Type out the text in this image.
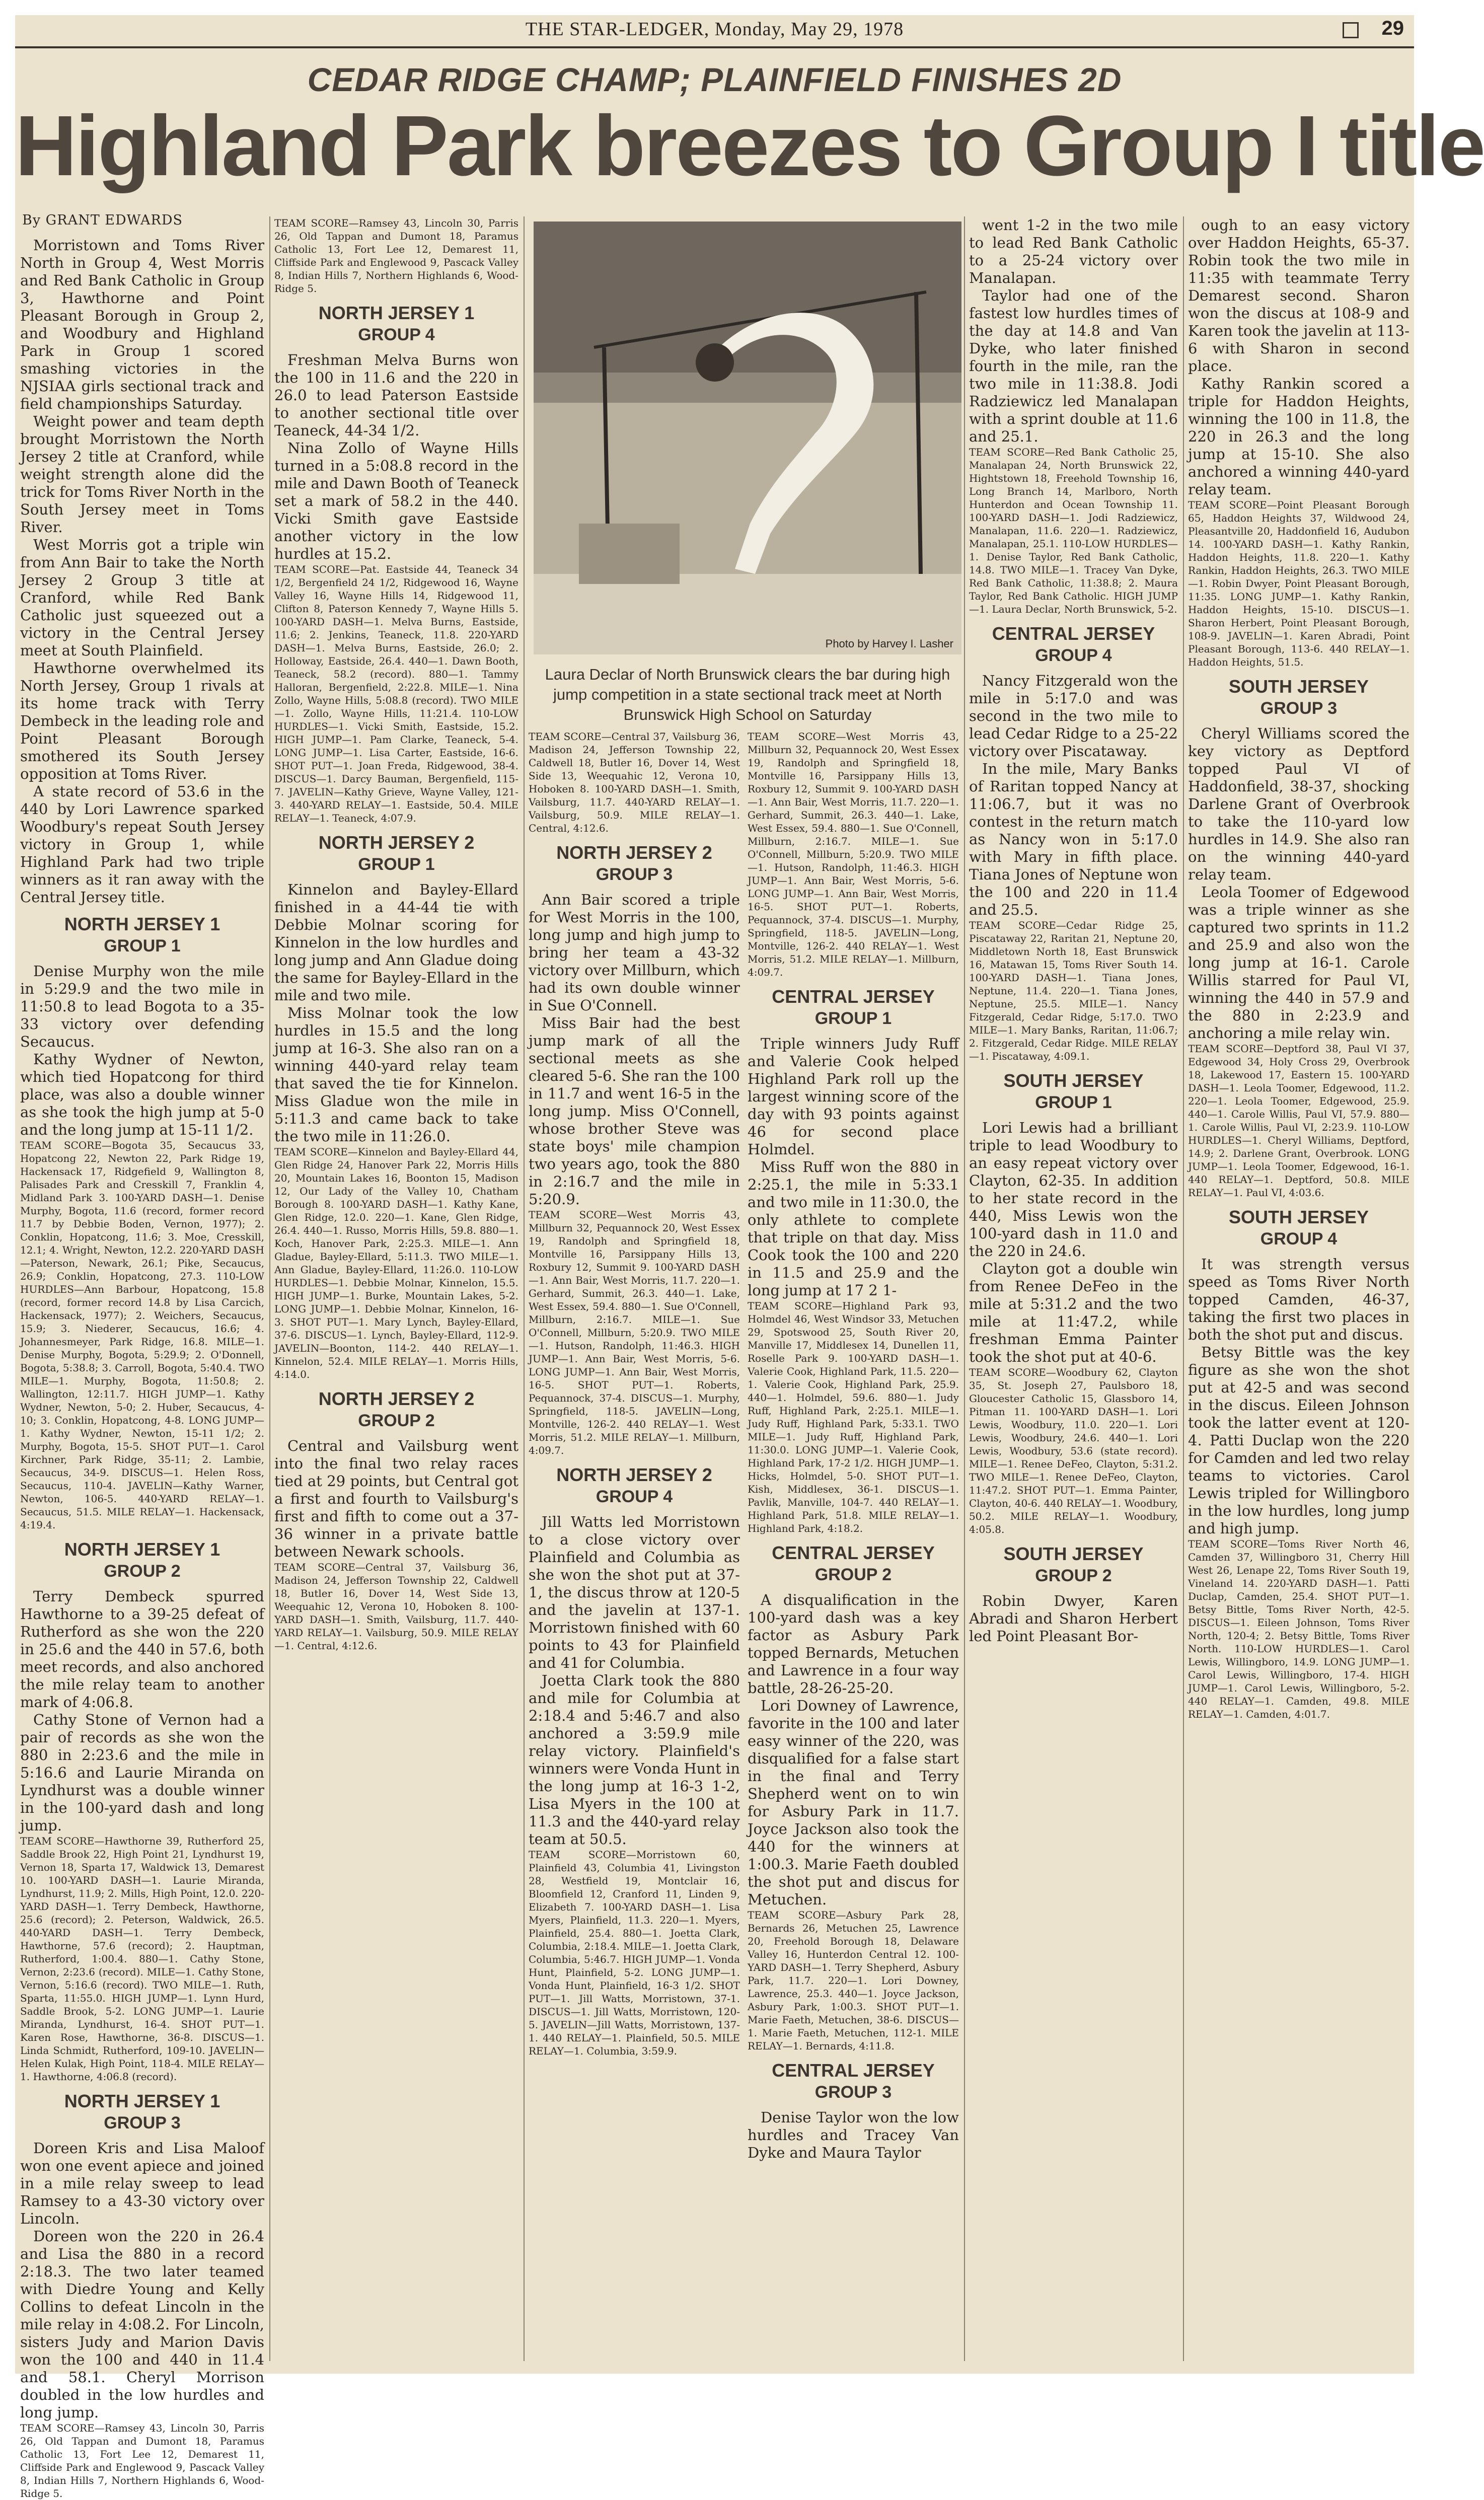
THE STAR-LEDGER, Monday, May 29, 1978	29
CEDAR RIDGE CHAMP; PLAINFIELD FINISHES 2D
Highland Park breezes to Group I title
By GRANT EDWARDS

Morristown and Toms River North in Group 4, West Morris and Red Bank Catholic in Group 3, Hawthorne and Point Pleasant Borough in Group 2, and Woodbury and Highland Park in Group 1 scored smashing victories in the NJSIAA girls sectional track and field championships Saturday.

Weight power and team depth brought Morristown the North Jersey 2 title at Cranford, while weight strength alone did the trick for Toms River North in the South Jersey meet in Toms River.

West Morris got a triple win from Ann Bair to take the North Jersey 2 Group 3 title at Cranford, while Red Bank Catholic just squeezed out a victory in the Central Jersey meet at South Plainfield.

Hawthorne overwhelmed its North Jersey, Group 1 rivals at its home track with Terry Dembeck in the leading role and Point Pleasant Borough smothered its South Jersey opposition at Toms River.

A state record of 53.6 in the 440 by Lori Lawrence sparked Woodbury's repeat South Jersey victory in Group 1, while Highland Park had two triple winners as it ran away with the Central Jersey title.

NORTH JERSEY 1
GROUP 1

Denise Murphy won the mile in 5:29.9 and the two mile in 11:50.8 to lead Bogota to a 35-33 victory over defending Secaucus.

Kathy Wydner of Newton, which tied Hopatcong for third place, was also a double winner as she took the high jump at 5-0 and the long jump at 15-11 1/2.

TEAM SCORE—Bogota 35, Secaucus 33, Hopatcong 22, Newton 22, Park Ridge 19, Hackensack 17, Ridgefield 9, Wallington 8, Palisades Park and Cresskill 7, Franklin 4, Midland Park 3. 100-YARD DASH—1. Denise Murphy, Bogota, 11.6 (record, former record 11.7 by Debbie Boden, Vernon, 1977); 2. Conklin, Hopatcong, 11.6; 3. Moe, Cresskill, 12.1; 4. Wright, Newton, 12.2. 220-YARD DASH—Paterson, Newark, 26.1; Pike, Secaucus, 26.9; Conklin, Hopatcong, 27.3. 110-LOW HURDLES—Ann Barbour, Hopatcong, 15.8 (record, former record 14.8 by Lisa Carcich, Hackensack, 1977); 2. Weichers, Secaucus, 15.9; 3. Niederer, Secaucus, 16.6; 4. Johannesmeyer, Park Ridge, 16.8. MILE—1. Denise Murphy, Bogota, 5:29.9; 2. O'Donnell, Bogota, 5:38.8; 3. Carroll, Bogota, 5:40.4. TWO MILE—1. Murphy, Bogota, 11:50.8; 2. Wallington, 12:11.7. HIGH JUMP—1. Kathy Wydner, Newton, 5-0; 2. Huber, Secaucus, 4-10; 3. Conklin, Hopatcong, 4-8. LONG JUMP—1. Kathy Wydner, Newton, 15-11 1/2; 2. Murphy, Bogota, 15-5. SHOT PUT—1. Carol Kirchner, Park Ridge, 35-11; 2. Lambie, Secaucus, 34-9. DISCUS—1. Helen Ross, Secaucus, 110-4. JAVELIN—Kathy Warner, Newton, 106-5. 440-YARD RELAY—1. Secaucus, 51.5. MILE RELAY—1. Hackensack, 4:19.4.

NORTH JERSEY 1
GROUP 2

Terry Dembeck spurred Hawthorne to a 39-25 defeat of Rutherford as she won the 220 in 25.6 and the 440 in 57.6, both meet records, and also anchored the mile relay team to another mark of 4:06.8.

Cathy Stone of Vernon had a pair of records as she won the 880 in 2:23.6 and the mile in 5:16.6 and Laurie Miranda on Lyndhurst was a double winner in the 100-yard dash and long jump.

TEAM SCORE—Hawthorne 39, Rutherford 25, Saddle Brook 22, High Point 21, Lyndhurst 19, Vernon 18, Sparta 17, Waldwick 13, Demarest 10. 100-YARD DASH—1. Laurie Miranda, Lyndhurst, 11.9; 2. Mills, High Point, 12.0. 220-YARD DASH—1. Terry Dembeck, Hawthorne, 25.6 (record); 2. Peterson, Waldwick, 26.5. 440-YARD DASH—1. Terry Dembeck, Hawthorne, 57.6 (record); 2. Hauptman, Rutherford, 1:00.4. 880—1. Cathy Stone, Vernon, 2:23.6 (record). MILE—1. Cathy Stone, Vernon, 5:16.6 (record). TWO MILE—1. Ruth, Sparta, 11:55.0. HIGH JUMP—1. Lynn Hurd, Saddle Brook, 5-2. LONG JUMP—1. Laurie Miranda, Lyndhurst, 16-4. SHOT PUT—1. Karen Rose, Hawthorne, 36-8. DISCUS—1. Linda Schmidt, Rutherford, 109-10. JAVELIN—Helen Kulak, High Point, 118-4. MILE RELAY—1. Hawthorne, 4:06.8 (record).

NORTH JERSEY 1
GROUP 3

Doreen Kris and Lisa Maloof won one event apiece and joined in a mile relay sweep to lead Ramsey to a 43-30 victory over Lincoln.

Doreen won the 220 in 26.4 and Lisa the 880 in a record 2:18.3. The two later teamed with Diedre Young and Kelly Collins to defeat Lincoln in the mile relay in 4:08.2. For Lincoln, sisters Judy and Marion Davis won the 100 and 440 in 11.4 and 58.1. Cheryl Morrison doubled in the low hurdles and long jump.

TEAM SCORE—Ramsey 43, Lincoln 30, Parris 26, Old Tappan and Dumont 18, Paramus Catholic 13, Fort Lee 12, Demarest 11, Cliffside Park and Englewood 9, Pascack Valley 8, Indian Hills 7, Northern Highlands 6, Wood-Ridge 5.

TEAM SCORE—Ramsey 43, Lincoln 30, Parris 26, Old Tappan and Dumont 18, Paramus Catholic 13, Fort Lee 12, Demarest 11, Cliffside Park and Englewood 9, Pascack Valley 8, Indian Hills 7, Northern Highlands 6, Wood-Ridge 5.

NORTH JERSEY 1
GROUP 4

Freshman Melva Burns won the 100 in 11.6 and the 220 in 26.0 to lead Paterson Eastside to another sectional title over Teaneck, 44-34 1/2.

Nina Zollo of Wayne Hills turned in a 5:08.8 record in the mile and Dawn Booth of Teaneck set a mark of 58.2 in the 440. Vicki Smith gave Eastside another victory in the low hurdles at 15.2.

TEAM SCORE—Pat. Eastside 44, Teaneck 34 1/2, Bergenfield 24 1/2, Ridgewood 16, Wayne Valley 16, Wayne Hills 14, Ridgewood 11, Clifton 8, Paterson Kennedy 7, Wayne Hills 5. 100-YARD DASH—1. Melva Burns, Eastside, 11.6; 2. Jenkins, Teaneck, 11.8. 220-YARD DASH—1. Melva Burns, Eastside, 26.0; 2. Holloway, Eastside, 26.4. 440—1. Dawn Booth, Teaneck, 58.2 (record). 880—1. Tammy Halloran, Bergenfield, 2:22.8. MILE—1. Nina Zollo, Wayne Hills, 5:08.8 (record). TWO MILE—1. Zollo, Wayne Hills, 11:21.4. 110-LOW HURDLES—1. Vicki Smith, Eastside, 15.2. HIGH JUMP—1. Pam Clarke, Teaneck, 5-4. LONG JUMP—1. Lisa Carter, Eastside, 16-6. SHOT PUT—1. Joan Freda, Ridgewood, 38-4. DISCUS—1. Darcy Bauman, Bergenfield, 115-7. JAVELIN—Kathy Grieve, Wayne Valley, 121-3. 440-YARD RELAY—1. Eastside, 50.4. MILE RELAY—1. Teaneck, 4:07.9.

NORTH JERSEY 2
GROUP 1

Kinnelon and Bayley-Ellard finished in a 44-44 tie with Debbie Molnar scoring for Kinnelon in the low hurdles and long jump and Ann Gladue doing the same for Bayley-Ellard in the mile and two mile.

Miss Molnar took the low hurdles in 15.5 and the long jump at 16-3. She also ran on a winning 440-yard relay team that saved the tie for Kinnelon. Miss Gladue won the mile in 5:11.3 and came back to take the two mile in 11:26.0.

TEAM SCORE—Kinnelon and Bayley-Ellard 44, Glen Ridge 24, Hanover Park 22, Morris Hills 20, Mountain Lakes 16, Boonton 15, Madison 12, Our Lady of the Valley 10, Chatham Borough 8. 100-YARD DASH—1. Kathy Kane, Glen Ridge, 12.0. 220—1. Kane, Glen Ridge, 26.4. 440—1. Russo, Morris Hills, 59.8. 880—1. Koch, Hanover Park, 2:25.3. MILE—1. Ann Gladue, Bayley-Ellard, 5:11.3. TWO MILE—1. Ann Gladue, Bayley-Ellard, 11:26.0. 110-LOW HURDLES—1. Debbie Molnar, Kinnelon, 15.5. HIGH JUMP—1. Burke, Mountain Lakes, 5-2. LONG JUMP—1. Debbie Molnar, Kinnelon, 16-3. SHOT PUT—1. Mary Lynch, Bayley-Ellard, 37-6. DISCUS—1. Lynch, Bayley-Ellard, 112-9. JAVELIN—Boonton, 114-2. 440 RELAY—1. Kinnelon, 52.4. MILE RELAY—1. Morris Hills, 4:14.0.

NORTH JERSEY 2
GROUP 2

Central and Vailsburg went into the final two relay races tied at 29 points, but Central got a first and fourth to Vailsburg's first and fifth to come out a 37-36 winner in a private battle between Newark schools.

TEAM SCORE—Central 37, Vailsburg 36, Madison 24, Jefferson Township 22, Caldwell 18, Butler 16, Dover 14, West Side 13, Weequahic 12, Verona 10, Hoboken 8. 100-YARD DASH—1. Smith, Vailsburg, 11.7. 440-YARD RELAY—1. Vailsburg, 50.9. MILE RELAY—1. Central, 4:12.6.

Photo by Harvey I. Lasher
Laura Declar of North Brunswick clears the bar during high jump competition in a state sectional track meet at North Brunswick High School on Saturday

TEAM SCORE—Central 37, Vailsburg 36, Madison 24, Jefferson Township 22, Caldwell 18, Butler 16, Dover 14, West Side 13, Weequahic 12, Verona 10, Hoboken 8. 100-YARD DASH—1. Smith, Vailsburg, 11.7. 440-YARD RELAY—1. Vailsburg, 50.9. MILE RELAY—1. Central, 4:12.6.

NORTH JERSEY 2
GROUP 3

Ann Bair scored a triple for West Morris in the 100, long jump and high jump to bring her team a 43-32 victory over Millburn, which had its own double winner in Sue O'Connell.

Miss Bair had the best jump mark of all the sectional meets as she cleared 5-6. She ran the 100 in 11.7 and went 16-5 in the long jump. Miss O'Connell, whose brother Steve was state boys' mile champion two years ago, took the 880 in 2:16.7 and the mile in 5:20.9.

TEAM SCORE—West Morris 43, Millburn 32, Pequannock 20, West Essex 19, Randolph and Springfield 18, Montville 16, Parsippany Hills 13, Roxbury 12, Summit 9. 100-YARD DASH—1. Ann Bair, West Morris, 11.7. 220—1. Gerhard, Summit, 26.3. 440—1. Lake, West Essex, 59.4. 880—1. Sue O'Connell, Millburn, 2:16.7. MILE—1. Sue O'Connell, Millburn, 5:20.9. TWO MILE—1. Hutson, Randolph, 11:46.3. HIGH JUMP—1. Ann Bair, West Morris, 5-6. LONG JUMP—1. Ann Bair, West Morris, 16-5. SHOT PUT—1. Roberts, Pequannock, 37-4. DISCUS—1. Murphy, Springfield, 118-5. JAVELIN—Long, Montville, 126-2. 440 RELAY—1. West Morris, 51.2. MILE RELAY—1. Millburn, 4:09.7.

NORTH JERSEY 2
GROUP 4

Jill Watts led Morristown to a close victory over Plainfield and Columbia as she won the shot put at 37-1, the discus throw at 120-5 and the javelin at 137-1. Morristown finished with 60 points to 43 for Plainfield and 41 for Columbia.

Joetta Clark took the 880 and mile for Columbia at 2:18.4 and 5:46.7 and also anchored a 3:59.9 mile relay victory. Plainfield's winners were Vonda Hunt in the long jump at 16-3 1-2, Lisa Myers in the 100 at 11.3 and the 440-yard relay team at 50.5.

TEAM SCORE—Morristown 60, Plainfield 43, Columbia 41, Livingston 28, Westfield 19, Montclair 16, Bloomfield 12, Cranford 11, Linden 9, Elizabeth 7. 100-YARD DASH—1. Lisa Myers, Plainfield, 11.3. 220—1. Myers, Plainfield, 25.4. 880—1. Joetta Clark, Columbia, 2:18.4. MILE—1. Joetta Clark, Columbia, 5:46.7. HIGH JUMP—1. Vonda Hunt, Plainfield, 5-2. LONG JUMP—1. Vonda Hunt, Plainfield, 16-3 1/2. SHOT PUT—1. Jill Watts, Morristown, 37-1. DISCUS—1. Jill Watts, Morristown, 120-5. JAVELIN—Jill Watts, Morristown, 137-1. 440 RELAY—1. Plainfield, 50.5. MILE RELAY—1. Columbia, 3:59.9.

TEAM SCORE—West Morris 43, Millburn 32, Pequannock 20, West Essex 19, Randolph and Springfield 18, Montville 16, Parsippany Hills 13, Roxbury 12, Summit 9. 100-YARD DASH—1. Ann Bair, West Morris, 11.7. 220—1. Gerhard, Summit, 26.3. 440—1. Lake, West Essex, 59.4. 880—1. Sue O'Connell, Millburn, 2:16.7. MILE—1. Sue O'Connell, Millburn, 5:20.9. TWO MILE—1. Hutson, Randolph, 11:46.3. HIGH JUMP—1. Ann Bair, West Morris, 5-6. LONG JUMP—1. Ann Bair, West Morris, 16-5. SHOT PUT—1. Roberts, Pequannock, 37-4. DISCUS—1. Murphy, Springfield, 118-5. JAVELIN—Long, Montville, 126-2. 440 RELAY—1. West Morris, 51.2. MILE RELAY—1. Millburn, 4:09.7.

CENTRAL JERSEY
GROUP 1

Triple winners Judy Ruff and Valerie Cook helped Highland Park roll up the largest winning score of the day with 93 points against 46 for second place Holmdel.

Miss Ruff won the 880 in 2:25.1, the mile in 5:33.1 and two mile in 11:30.0, the only athlete to complete that triple on that day. Miss Cook took the 100 and 220 in 11.5 and 25.9 and the long jump at 17 2 1-

TEAM SCORE—Highland Park 93, Holmdel 46, West Windsor 33, Metuchen 29, Spotswood 25, South River 20, Manville 17, Middlesex 14, Dunellen 11, Roselle Park 9. 100-YARD DASH—1. Valerie Cook, Highland Park, 11.5. 220—1. Valerie Cook, Highland Park, 25.9. 440—1. Holmdel, 59.6. 880—1. Judy Ruff, Highland Park, 2:25.1. MILE—1. Judy Ruff, Highland Park, 5:33.1. TWO MILE—1. Judy Ruff, Highland Park, 11:30.0. LONG JUMP—1. Valerie Cook, Highland Park, 17-2 1/2. HIGH JUMP—1. Hicks, Holmdel, 5-0. SHOT PUT—1. Kish, Middlesex, 36-1. DISCUS—1. Pavlik, Manville, 104-7. 440 RELAY—1. Highland Park, 51.8. MILE RELAY—1. Highland Park, 4:18.2.

CENTRAL JERSEY
GROUP 2

A disqualification in the 100-yard dash was a key factor as Asbury Park topped Bernards, Metuchen and Lawrence in a four way battle, 28-26-25-20.

Lori Downey of Lawrence, favorite in the 100 and later easy winner of the 220, was disqualified for a false start in the final and Terry Shepherd went on to win for Asbury Park in 11.7. Joyce Jackson also took the 440 for the winners at 1:00.3. Marie Faeth doubled the shot put and discus for Metuchen.

TEAM SCORE—Asbury Park 28, Bernards 26, Metuchen 25, Lawrence 20, Freehold Borough 18, Delaware Valley 16, Hunterdon Central 12. 100-YARD DASH—1. Terry Shepherd, Asbury Park, 11.7. 220—1. Lori Downey, Lawrence, 25.3. 440—1. Joyce Jackson, Asbury Park, 1:00.3. SHOT PUT—1. Marie Faeth, Metuchen, 38-6. DISCUS—1. Marie Faeth, Metuchen, 112-1. MILE RELAY—1. Bernards, 4:11.8.

CENTRAL JERSEY
GROUP 3

Denise Taylor won the low hurdles and Tracey Van Dyke and Maura Taylor

went 1-2 in the two mile to lead Red Bank Catholic to a 25-24 victory over Manalapan.

Taylor had one of the fastest low hurdles times of the day at 14.8 and Van Dyke, who later finished fourth in the mile, ran the two mile in 11:38.8. Jodi Radziewicz led Manalapan with a sprint double at 11.6 and 25.1.

TEAM SCORE—Red Bank Catholic 25, Manalapan 24, North Brunswick 22, Hightstown 18, Freehold Township 16, Long Branch 14, Marlboro, North Hunterdon and Ocean Township 11. 100-YARD DASH—1. Jodi Radziewicz, Manalapan, 11.6. 220—1. Radziewicz, Manalapan, 25.1. 110-LOW HURDLES—1. Denise Taylor, Red Bank Catholic, 14.8. TWO MILE—1. Tracey Van Dyke, Red Bank Catholic, 11:38.8; 2. Maura Taylor, Red Bank Catholic. HIGH JUMP—1. Laura Declar, North Brunswick, 5-2.

CENTRAL JERSEY
GROUP 4

Nancy Fitzgerald won the mile in 5:17.0 and was second in the two mile to lead Cedar Ridge to a 25-22 victory over Piscataway.

In the mile, Mary Banks of Raritan topped Nancy at 11:06.7, but it was no contest in the return match as Nancy won in 5:17.0 with Mary in fifth place. Tiana Jones of Neptune won the 100 and 220 in 11.4 and 25.5.

TEAM SCORE—Cedar Ridge 25, Piscataway 22, Raritan 21, Neptune 20, Middletown North 18, East Brunswick 16, Matawan 15, Toms River South 14. 100-YARD DASH—1. Tiana Jones, Neptune, 11.4. 220—1. Tiana Jones, Neptune, 25.5. MILE—1. Nancy Fitzgerald, Cedar Ridge, 5:17.0. TWO MILE—1. Mary Banks, Raritan, 11:06.7; 2. Fitzgerald, Cedar Ridge. MILE RELAY—1. Piscataway, 4:09.1.

SOUTH JERSEY
GROUP 1

Lori Lewis had a brilliant triple to lead Woodbury to an easy repeat victory over Clayton, 62-35. In addition to her state record in the 440, Miss Lewis won the 100-yard dash in 11.0 and the 220 in 24.6.

Clayton got a double win from Renee DeFeo in the mile at 5:31.2 and the two mile at 11:47.2, while freshman Emma Painter took the shot put at 40-6.

TEAM SCORE—Woodbury 62, Clayton 35, St. Joseph 27, Paulsboro 18, Gloucester Catholic 15, Glassboro 14, Pitman 11. 100-YARD DASH—1. Lori Lewis, Woodbury, 11.0. 220—1. Lori Lewis, Woodbury, 24.6. 440—1. Lori Lewis, Woodbury, 53.6 (state record). MILE—1. Renee DeFeo, Clayton, 5:31.2. TWO MILE—1. Renee DeFeo, Clayton, 11:47.2. SHOT PUT—1. Emma Painter, Clayton, 40-6. 440 RELAY—1. Woodbury, 50.2. MILE RELAY—1. Woodbury, 4:05.8.

SOUTH JERSEY
GROUP 2

Robin Dwyer, Karen Abradi and Sharon Herbert led Point Pleasant Bor-

ough to an easy victory over Haddon Heights, 65-37. Robin took the two mile in 11:35 with teammate Terry Demarest second. Sharon won the discus at 108-9 and Karen took the javelin at 113-6 with Sharon in second place.

Kathy Rankin scored a triple for Haddon Heights, winning the 100 in 11.8, the 220 in 26.3 and the long jump at 15-10. She also anchored a winning 440-yard relay team.

TEAM SCORE—Point Pleasant Borough 65, Haddon Heights 37, Wildwood 24, Pleasantville 20, Haddonfield 16, Audubon 14. 100-YARD DASH—1. Kathy Rankin, Haddon Heights, 11.8. 220—1. Kathy Rankin, Haddon Heights, 26.3. TWO MILE—1. Robin Dwyer, Point Pleasant Borough, 11:35. LONG JUMP—1. Kathy Rankin, Haddon Heights, 15-10. DISCUS—1. Sharon Herbert, Point Pleasant Borough, 108-9. JAVELIN—1. Karen Abradi, Point Pleasant Borough, 113-6. 440 RELAY—1. Haddon Heights, 51.5.

SOUTH JERSEY
GROUP 3

Cheryl Williams scored the key victory as Deptford topped Paul VI of Haddonfield, 38-37, shocking Darlene Grant of Overbrook to take the 110-yard low hurdles in 14.9. She also ran on the winning 440-yard relay team.

Leola Toomer of Edgewood was a triple winner as she captured two sprints in 11.2 and 25.9 and also won the long jump at 16-1. Carole Willis starred for Paul VI, winning the 440 in 57.9 and the 880 in 2:23.9 and anchoring a mile relay win.

TEAM SCORE—Deptford 38, Paul VI 37, Edgewood 34, Holy Cross 29, Overbrook 18, Lakewood 17, Eastern 15. 100-YARD DASH—1. Leola Toomer, Edgewood, 11.2. 220—1. Leola Toomer, Edgewood, 25.9. 440—1. Carole Willis, Paul VI, 57.9. 880—1. Carole Willis, Paul VI, 2:23.9. 110-LOW HURDLES—1. Cheryl Williams, Deptford, 14.9; 2. Darlene Grant, Overbrook. LONG JUMP—1. Leola Toomer, Edgewood, 16-1. 440 RELAY—1. Deptford, 50.8. MILE RELAY—1. Paul VI, 4:03.6.

SOUTH JERSEY
GROUP 4

It was strength versus speed as Toms River North topped Camden, 46-37, taking the first two places in both the shot put and discus.

Betsy Bittle was the key figure as she won the shot put at 42-5 and was second in the discus. Eileen Johnson took the latter event at 120-4. Patti Duclap won the 220 for Camden and led two relay teams to victories. Carol Lewis tripled for Willingboro in the low hurdles, long jump and high jump.

TEAM SCORE—Toms River North 46, Camden 37, Willingboro 31, Cherry Hill West 26, Lenape 22, Toms River South 19, Vineland 14. 220-YARD DASH—1. Patti Duclap, Camden, 25.4. SHOT PUT—1. Betsy Bittle, Toms River North, 42-5. DISCUS—1. Eileen Johnson, Toms River North, 120-4; 2. Betsy Bittle, Toms River North. 110-LOW HURDLES—1. Carol Lewis, Willingboro, 14.9. LONG JUMP—1. Carol Lewis, Willingboro, 17-4. HIGH JUMP—1. Carol Lewis, Willingboro, 5-2. 440 RELAY—1. Camden, 49.8. MILE RELAY—1. Camden, 4:01.7.
